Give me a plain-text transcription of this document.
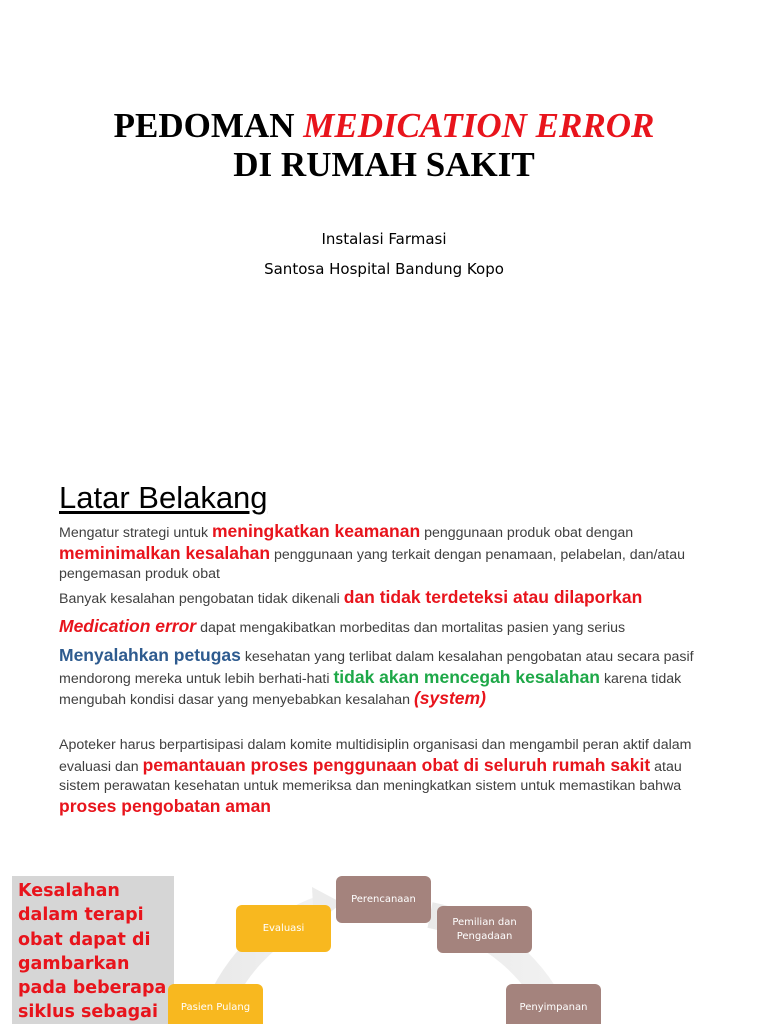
PEDOMAN MEDICATION ERROR
DI RUMAH SAKIT
Instalasi Farmasi
Santosa Hospital Bandung Kopo
Latar Belakang

Mengatur strategi untuk meningkatkan keamanan penggunaan produk obat dengan meminimalkan kesalahan penggunaan yang terkait dengan penamaan, pelabelan, dan/atau pengemasan produk obat

Banyak kesalahan pengobatan tidak dikenali dan tidak terdeteksi atau dilaporkan

Medication error dapat mengakibatkan morbeditas dan mortalitas pasien yang serius

Menyalahkan petugas kesehatan yang terlibat dalam kesalahan pengobatan atau secara pasif mendorong mereka untuk lebih berhati-hati tidak akan mencegah kesalahan karena tidak mengubah kondisi dasar yang menyebabkan kesalahan (system)

Apoteker harus berpartisipasi dalam komite multidisiplin organisasi dan mengambil peran aktif dalam evaluasi dan pemantauan proses penggunaan obat di seluruh rumah sakit atau sistem perawatan kesehatan untuk memeriksa dan meningkatkan sistem untuk memastikan bahwa proses pengobatan aman

Kesalahan dalam terapi obat dapat di gambarkan pada beberapa siklus sebagai
Perencanaan
Pemilian dan Pengadaan
Evaluasi
Pasien Pulang	Penyimpanan
